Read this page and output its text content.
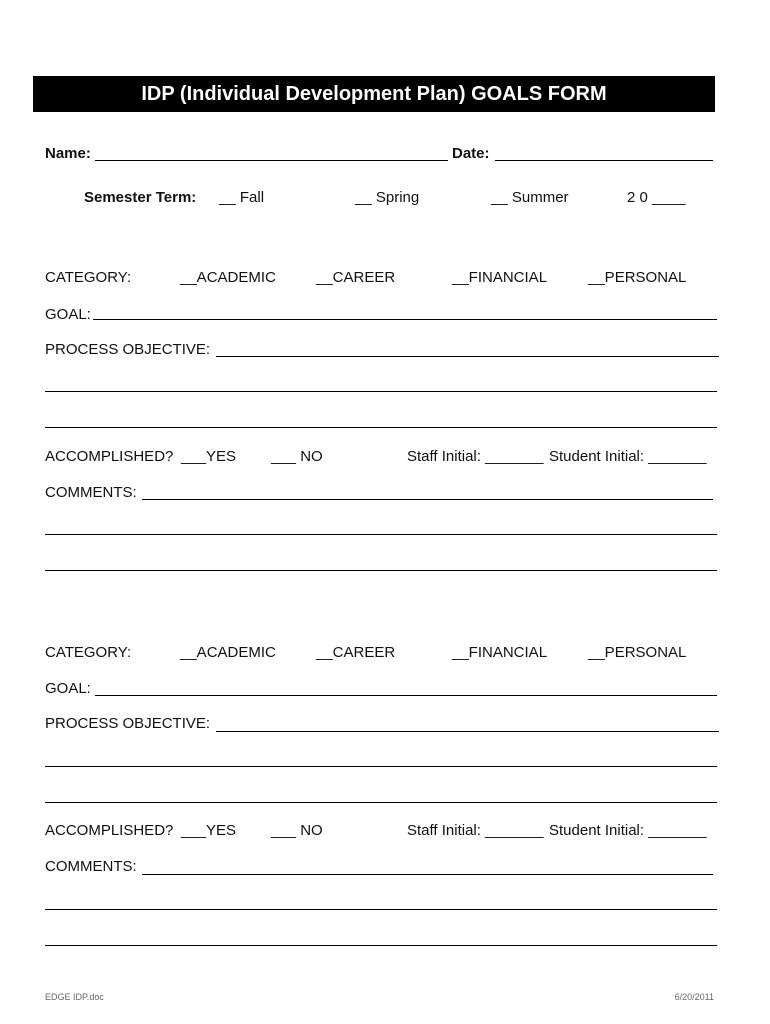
IDP (Individual Development Plan) GOALS FORM
Name:	Date:
Semester Term: __ Fall	__ Spring	__ Summer	2 0 ____
CATEGORY:	__ACADEMIC	__CAREER	__FINANCIAL	__PERSONAL
GOAL:
PROCESS OBJECTIVE:
ACCOMPLISHED? ___YES ___ NO	Staff Initial: _______ Student Initial: _______
COMMENTS:
CATEGORY:	__ACADEMIC	__CAREER	__FINANCIAL	__PERSONAL
GOAL:
PROCESS OBJECTIVE:
ACCOMPLISHED? ___YES ___ NO	Staff Initial: _______ Student Initial: _______
COMMENTS:
EDGE IDP.doc	6/20/2011
